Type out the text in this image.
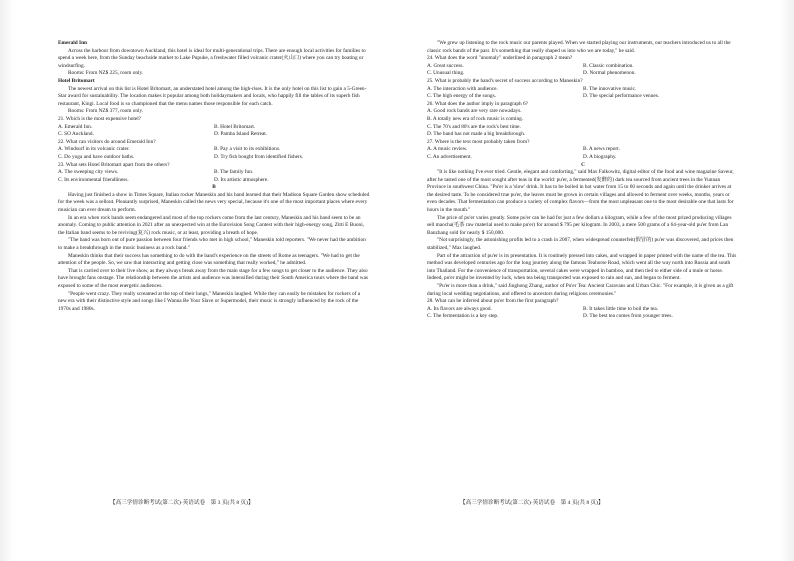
Emerald Inn

Across the harbour from downtown Auckland, this hotel is ideal for multi-generational trips. There are enough local activities for families to spend a week here, from the Sunday beachside market to Lake Pupuke, a freshwater filled volcanic crater(火山口) where you can try boating or windsurfing.

Rooms: From NZ$ 225, room only.

Hotel Britomart

The newest arrival on this list is Hotel Britomart, an understated hotel among the high-rises. It is the only hotel on this list to gain a 5-Green-Star award for sustainability. The location makes it popular among both holidaymakers and locals, who happily fill the tables of its superb fish restaurant, Kingi. Local food is so championed that the menu names those responsible for each catch.

Rooms: From NZ$ 377, room only.

21. Which is the most expensive hotel?

A. Emerald Inn.	B. Hotel Britomart.
C. SO Auckland.	D. Pamba Island Retreat.

22. What can visitors do around Emerald Inn?

A. Windsurf in its volcanic crater.	B. Pay a visit to its exhibitions.
C. Do yoga and have outdoor baths.	D. Try fish bought from identified fishers.

23. What sets Hotel Britomart apart from the others?

A. The sweeping city views.	B. The family fun.
C. Its environmental friendliness.	D. Its artistic atmosphere.

B

Having just finished a show in Times Square, Italian rocker Maneskin and his band learned that their Madison Square Garden show scheduled for the week was a sellout. Pleasantly surprised, Maneskin called the news very special, because it's one of the most important places where every musician can ever dream to perform.

In an era when rock bands seem endangered and most of the top rockers come from the last century, Maneskin and his band seem to be an anomaly. Coming to public attention in 2021 after an unexpected win at the Eurovision Song Contest with their high-energy song, Zitti E Buoni, the Italian band seems to be reviving(复兴) rock music, or at least, providing a breath of hope.

"The band was born out of pure passion between four friends who met in high school," Maneskin told reporters. "We never had the ambition to make a breakthrough in the music business as a rock band."

Maneskin thinks that their success has something to do with the band's experience on the streets of Rome as teenagers. "We had to get the attention of the people. So, we saw that interacting and getting close was something that really worked," he admitted.

That is carried over to their live show, as they always break away from the main stage for a few songs to get closer to the audience. They also have brought fans onstage. The relationship between the artists and audience was intensified during their South America tours where the band was exposed to some of the most energetic audiences.

"People went crazy. They really screamed at the top of their lungs," Maneskin laughed. While they can easily be mistaken for rockers of a new era with their distinctive style and songs like I Wanna Be Your Slave or Supermodel, their music is strongly influenced by the rock of the 1970s and 1980s.

【高三学情诊断考试(第二次)·英语试卷　第 3 页(共 8 页)】

"We grew up listening to the rock music our parents played. When we started playing our instruments, our teachers introduced us to all the classic rock bands of the past. It's something that really shaped us into who we are today," he said.

24. What does the word "anomaly" underlined in paragraph 2 mean?

A. Great success.	B. Classic combination.
C. Unusual thing.	D. Normal phenomenon.

25. What is probably the band's secret of success according to Maneskin?

A. The interaction with audience.	B. The innovative music.
C. The high energy of the songs.	D. The special performance venues.

26. What does the author imply in paragraph 6?

A. Good rock bands are very rare nowadays.

B. A totally new era of rock music is coming.

C. The 70's and 80's are the rock's best time.

D. The band has not made a big breakthrough.

27. Where is the text most probably taken from?

A. A music review.	B. A news report.
C. An advertisement.	D. A biography.

C

"It is like nothing I've ever tried. Gentle, elegant and comforting," said Max Falkowitz, digital editor of the food and wine magazine Saveur, after he tasted one of the most sought after teas in the world: pu'er, a fermented(发酵的) dark tea sourced from ancient trees in the Yunnan Province in southwest China. "Pu'er is a 'slow' drink. It has to be boiled in hot water from 15 to 60 seconds and again until the drinker arrives at the desired taste. To be considered true pu'er, the leaves must be grown in certain villages and allowed to ferment over weeks, months, years or even decades. That fermentation can produce a variety of complex flavors—from the most unpleasant one to the most desirable one that lasts for hours in the mouth."

The price of pu'er varies greatly. Some pu'er can be had for just a few dollars a kilogram, while a few of the most prized producing villages sell maocha(毛茶 raw material used to make pu'er) for around $ 795 per kilogram. In 2003, a mere 500 grams of a 64-year-old pu'er from Lan Banzhang sold for nearly $ 150,000.

"Not surprisingly, the astonishing profits led to a crash in 2007, when widespread counterfeit(假冒的) pu'er was discovered, and prices then stabilized," Max laughed.

Part of the attraction of pu'er is its presentation. It is routinely pressed into cakes, and wrapped in paper printed with the name of the tea. This method was developed centuries ago for the long journey along the famous Teahorse Road, which went all the way north into Russia and south into Thailand. For the convenience of transportation, several cakes were wrapped in bamboo, and then tied to either side of a mule or horse. Indeed, pu'er might be invented by luck, when tea being transported was exposed to rain and sun, and began to ferment.

"Pu'er is more than a drink," said Jinghong Zhang, author of Pu'er Tea: Ancient Caravans and Urban Chic. "For example, it is given as a gift during local wedding negotiations, and offered to ancestors during religious ceremonies."

28. What can be inferred about pu'er from the first paragraph?

A. Its flavors are always good.	B. It takes little time to boil the tea.
C. The fermentation is a key step.	D. The best tea comes from younger trees.
【高三学情诊断考试(第二次)·英语试卷　第 4 页(共 8 页)】
